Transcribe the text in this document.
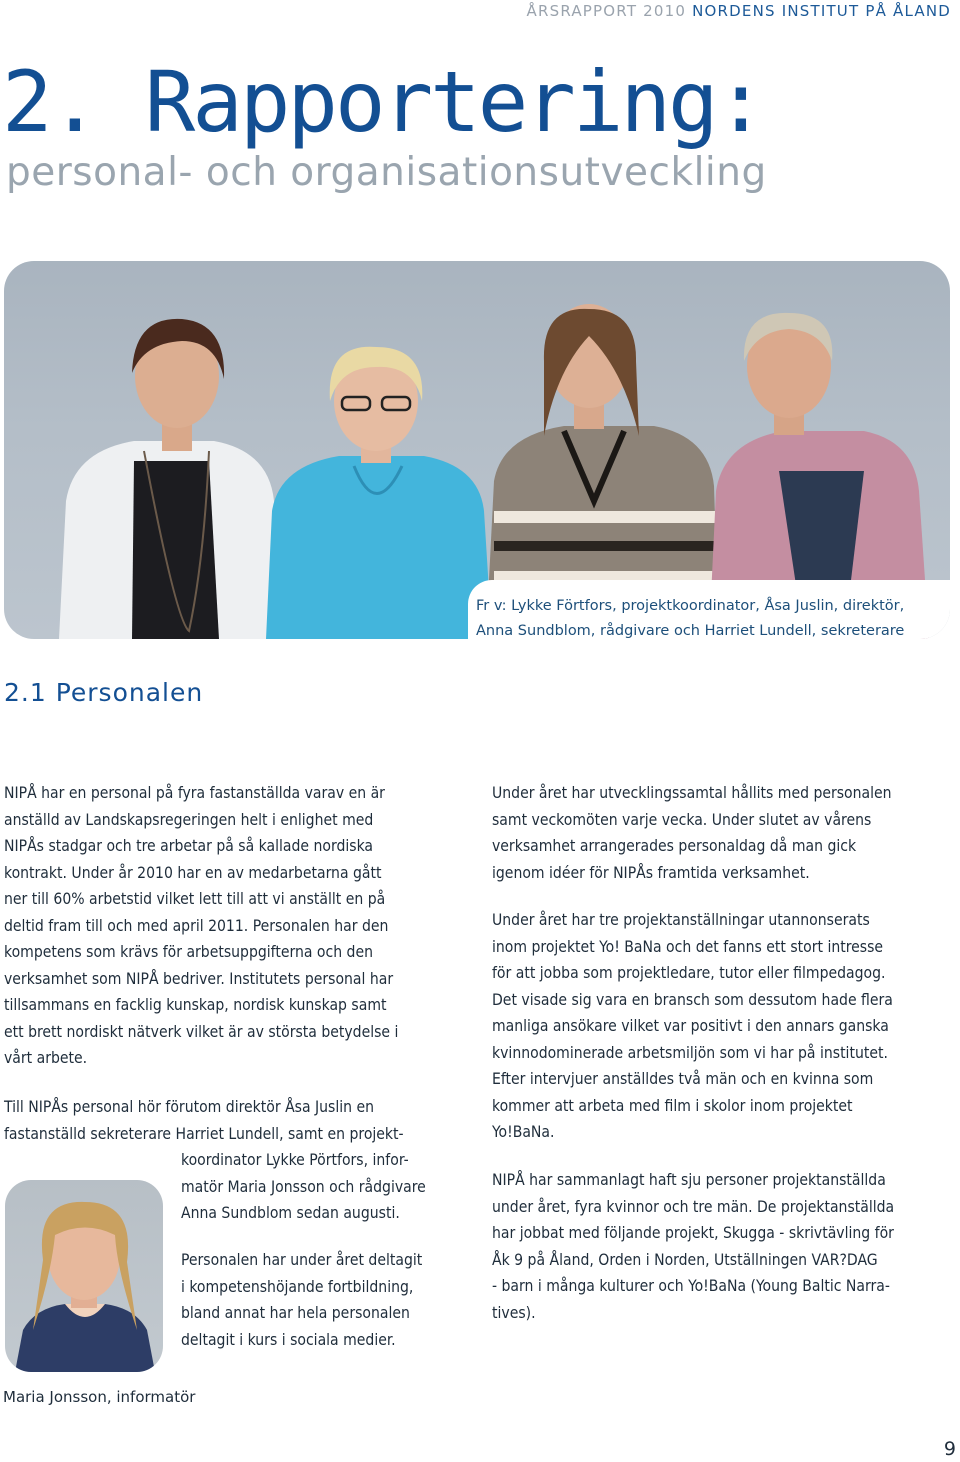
ÅRSRAPPORT 2010 NORDENS INSTITUT PÅ ÅLAND
2. Rapportering:
personal- och organisationsutveckling
Fr v: Lykke Förtfors, projektkoordinator, Åsa Juslin, direktör,
Anna Sundblom, rådgivare och Harriet Lundell, sekreterare
2.1 Personalen
NIPÅ har en personal på fyra fastanställda varav en är
anställd av Landskapsregeringen helt i enlighet med
NIPÅs stadgar och tre arbetar på så kallade nordiska
kontrakt. Under år 2010 har en av medarbetarna gått
ner till 60% arbetstid vilket lett till att vi anställt en på
deltid fram till och med april 2011. Personalen har den
kompetens som krävs för arbetsuppgifterna och den
verksamhet som NIPÅ bedriver. Institutets personal har
tillsammans en facklig kunskap, nordisk kunskap samt
ett brett nordiskt nätverk vilket är av största betydelse i
vårt arbete.
Till NIPÅs personal hör förutom direktör Åsa Juslin en
fastanställd sekreterare Harriet Lundell, samt en projekt-
koordinator Lykke Pörtfors, infor-
matör Maria Jonsson och rådgivare
Anna Sundblom sedan augusti.
Personalen har under året deltagit
i kompetenshöjande fortbildning,
bland annat har hela personalen
deltagit i kurs i sociala medier.
Under året har utvecklingssamtal hållits med personalen
samt veckomöten varje vecka. Under slutet av vårens
verksamhet arrangerades personaldag då man gick
igenom idéer för NIPÅs framtida verksamhet.
Under året har tre projektanställningar utannonserats
inom projektet Yo! BaNa och det fanns ett stort intresse
för att jobba som projektledare, tutor eller filmpedagog.
Det visade sig vara en bransch som dessutom hade flera
manliga ansökare vilket var positivt i den annars ganska
kvinnodominerade arbetsmiljön som vi har på institutet.
Efter intervjuer anställdes två män och en kvinna som
kommer att arbeta med film i skolor inom projektet
Yo!BaNa.
NIPÅ har sammanlagt haft sju personer projektanställda
under året, fyra kvinnor och tre män. De projektanställda
har jobbat med följande projekt, Skugga - skrivtävling för
Åk 9 på Åland, Orden i Norden, Utställningen VAR?DAG
- barn i många kulturer och Yo!BaNa (Young Baltic Narra-
tives).
Maria Jonsson, informatör
9
